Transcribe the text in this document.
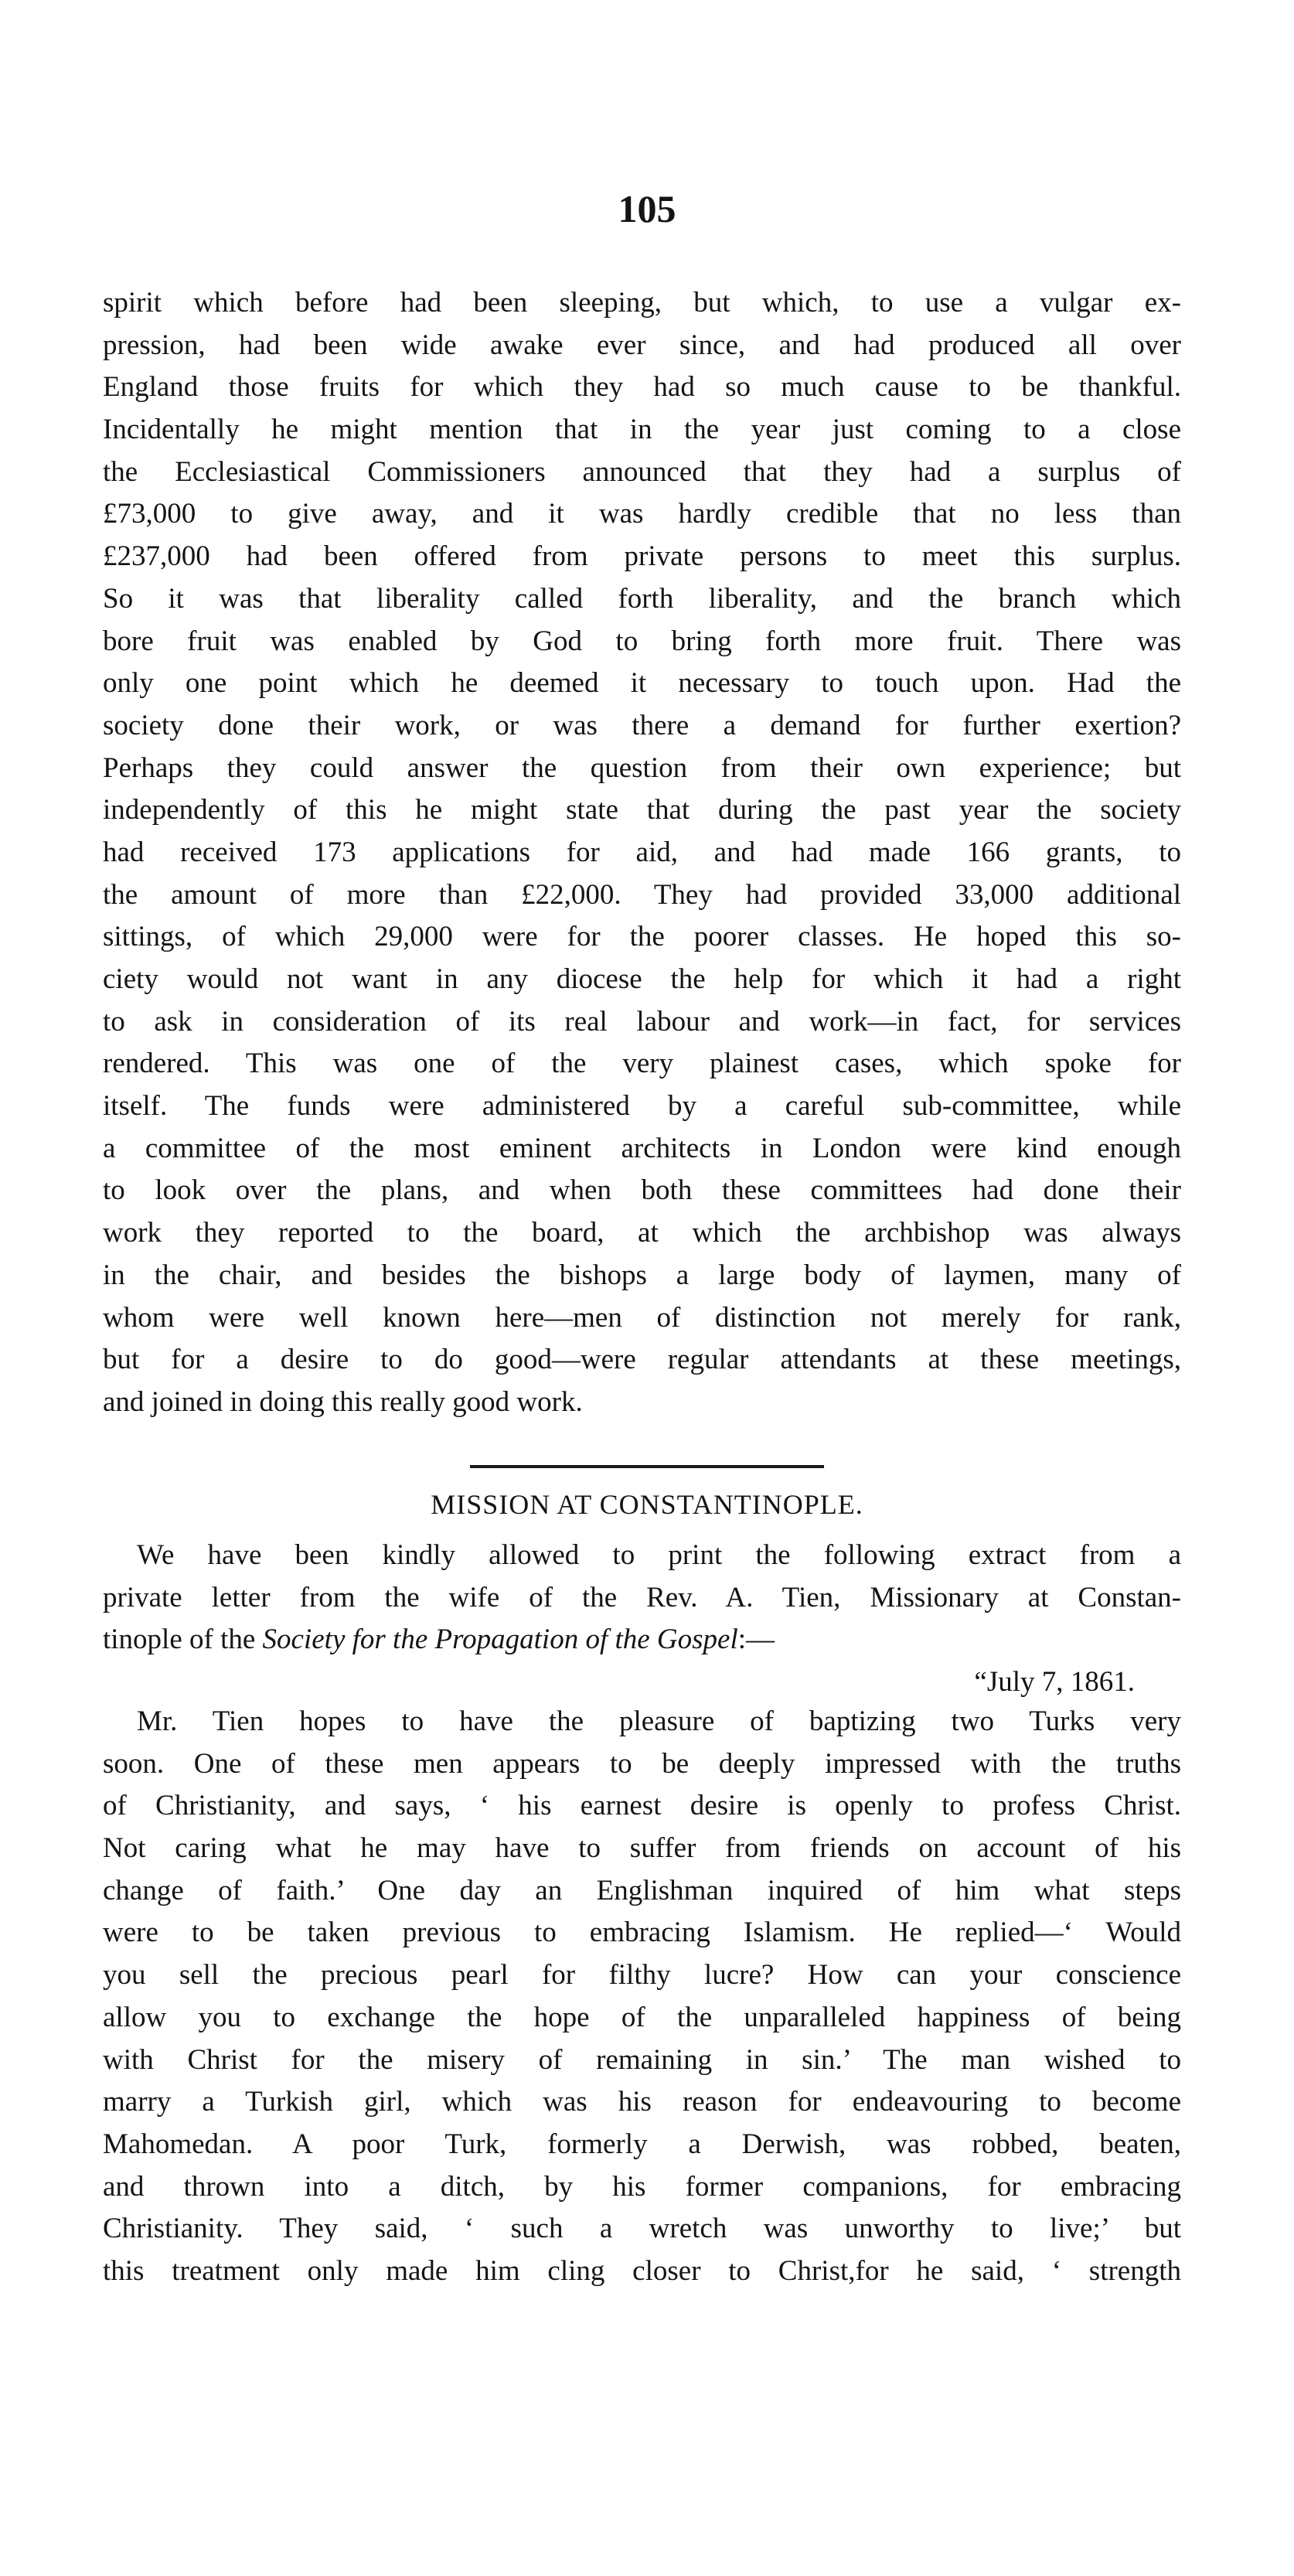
105
spirit which before had been sleeping, but which, to use a vulgar ex-
pression, had been wide awake ever since, and had produced all over
England those fruits for which they had so much cause to be thankful.
Incidentally he might mention that in the year just coming to a close
the Ecclesiastical Commissioners announced that they had a surplus of
£73,000 to give away, and it was hardly credible that no less than
£237,000 had been offered from private persons to meet this surplus.
So it was that liberality called forth liberality, and the branch which
bore fruit was enabled by God to bring forth more fruit. There was
only one point which he deemed it necessary to touch upon. Had the
society done their work, or was there a demand for further exertion?
Perhaps they could answer the question from their own experience; but
independently of this he might state that during the past year the society
had received 173 applications for aid, and had made 166 grants, to
the amount of more than £22,000. They had provided 33,000 additional
sittings, of which 29,000 were for the poorer classes. He hoped this so-
ciety would not want in any diocese the help for which it had a right
to ask in consideration of its real labour and work—in fact, for services
rendered. This was one of the very plainest cases, which spoke for
itself. The funds were administered by a careful sub-committee, while
a committee of the most eminent architects in London were kind enough
to look over the plans, and when both these committees had done their
work they reported to the board, at which the archbishop was always
in the chair, and besides the bishops a large body of laymen, many of
whom were well known here—men of distinction not merely for rank,
but for a desire to do good—were regular attendants at these meetings,
and joined in doing this really good work.
MISSION AT CONSTANTINOPLE.
We have been kindly allowed to print the following extract from a
private letter from the wife of the Rev. A. Tien, Missionary at Constan-
tinople of the Society for the Propagation of the Gospel:—
“July 7, 1861.
Mr. Tien hopes to have the pleasure of baptizing two Turks very
soon. One of these men appears to be deeply impressed with the truths
of Christianity, and says, ‘ his earnest desire is openly to profess Christ.
Not caring what he may have to suffer from friends on account of his
change of faith.’ One day an Englishman inquired of him what steps
were to be taken previous to embracing Islamism. He replied—‘ Would
you sell the precious pearl for filthy lucre? How can your conscience
allow you to exchange the hope of the unparalleled happiness of being
with Christ for the misery of remaining in sin.’ The man wished to
marry a Turkish girl, which was his reason for endeavouring to become
Mahomedan. A poor Turk, formerly a Derwish, was robbed, beaten,
and thrown into a ditch, by his former companions, for embracing
Christianity. They said, ‘ such a wretch was unworthy to live;’ but
this treatment only made him cling closer to Christ,for he said, ‘ strength
